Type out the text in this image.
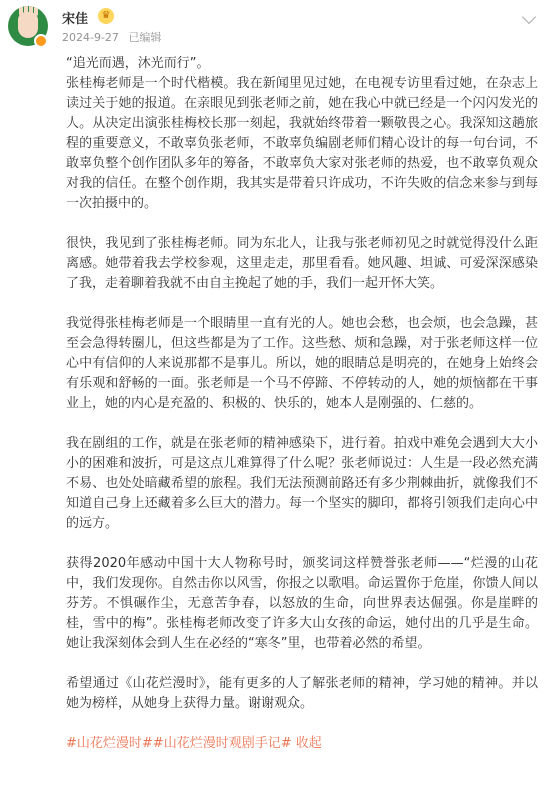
宋佳	♛
2024-9-27 已编辑

“追光而遇，沐光而行”。

张桂梅老师是一个时代楷模。我在新闻里见过她，在电视专访里看过她，在杂志上读过关于她的报道。在亲眼见到张老师之前，她在我心中就已经是一个闪闪发光的人。从决定出演张桂梅校长那一刻起，我就始终带着一颗敬畏之心。我深知这趟旅程的重要意义，不敢辜负张老师，不敢辜负编剧老师们精心设计的每一句台词，不敢辜负整个创作团队多年的筹备，不敢辜负大家对张老师的热爱，也不敢辜负观众对我的信任。在整个创作期，我其实是带着只许成功，不许失败的信念来参与到每一次拍摄中的。

很快，我见到了张桂梅老师。同为东北人，让我与张老师初见之时就觉得没什么距离感。她带着我去学校参观，这里走走，那里看看。她风趣、坦诚、可爱深深感染了我，走着聊着我就不由自主挽起了她的手，我们一起开怀大笑。

我觉得张桂梅老师是一个眼睛里一直有光的人。她也会愁，也会烦，也会急躁，甚至会急得转圈儿，但这些都是为了工作。这些愁、烦和急躁，对于张老师这样一位心中有信仰的人来说那都不是事儿。所以，她的眼睛总是明亮的，在她身上始终会有乐观和舒畅的一面。张老师是一个马不停蹄、不停转动的人，她的烦恼都在干事业上，她的内心是充盈的、积极的、快乐的，她本人是刚强的、仁慈的。

我在剧组的工作，就是在张老师的精神感染下，进行着。拍戏中难免会遇到大大小小的困难和波折，可是这点儿难算得了什么呢？张老师说过：人生是一段必然充满不易、也处处暗藏希望的旅程。我们无法预测前路还有多少荆棘曲折，就像我们不知道自己身上还藏着多么巨大的潜力。每一个坚实的脚印，都将引领我们走向心中的远方。

获得2020年感动中国十大人物称号时，颁奖词这样赞誉张老师——“烂漫的山花中，我们发现你。自然击你以风雪，你报之以歌唱。命运置你于危崖，你馈人间以芬芳。不惧碾作尘，无意苦争春，以怒放的生命，向世界表达倔强。你是崖畔的桂，雪中的梅”。张桂梅老师改变了许多大山女孩的命运，她付出的几乎是生命。她让我深刻体会到人生在必经的“寒冬”里，也带着必然的希望。

希望通过《山花烂漫时》，能有更多的人了解张老师的精神，学习她的精神。并以她为榜样，从她身上获得力量。谢谢观众。

#山花烂漫时##山花烂漫时观剧手记# 收起
